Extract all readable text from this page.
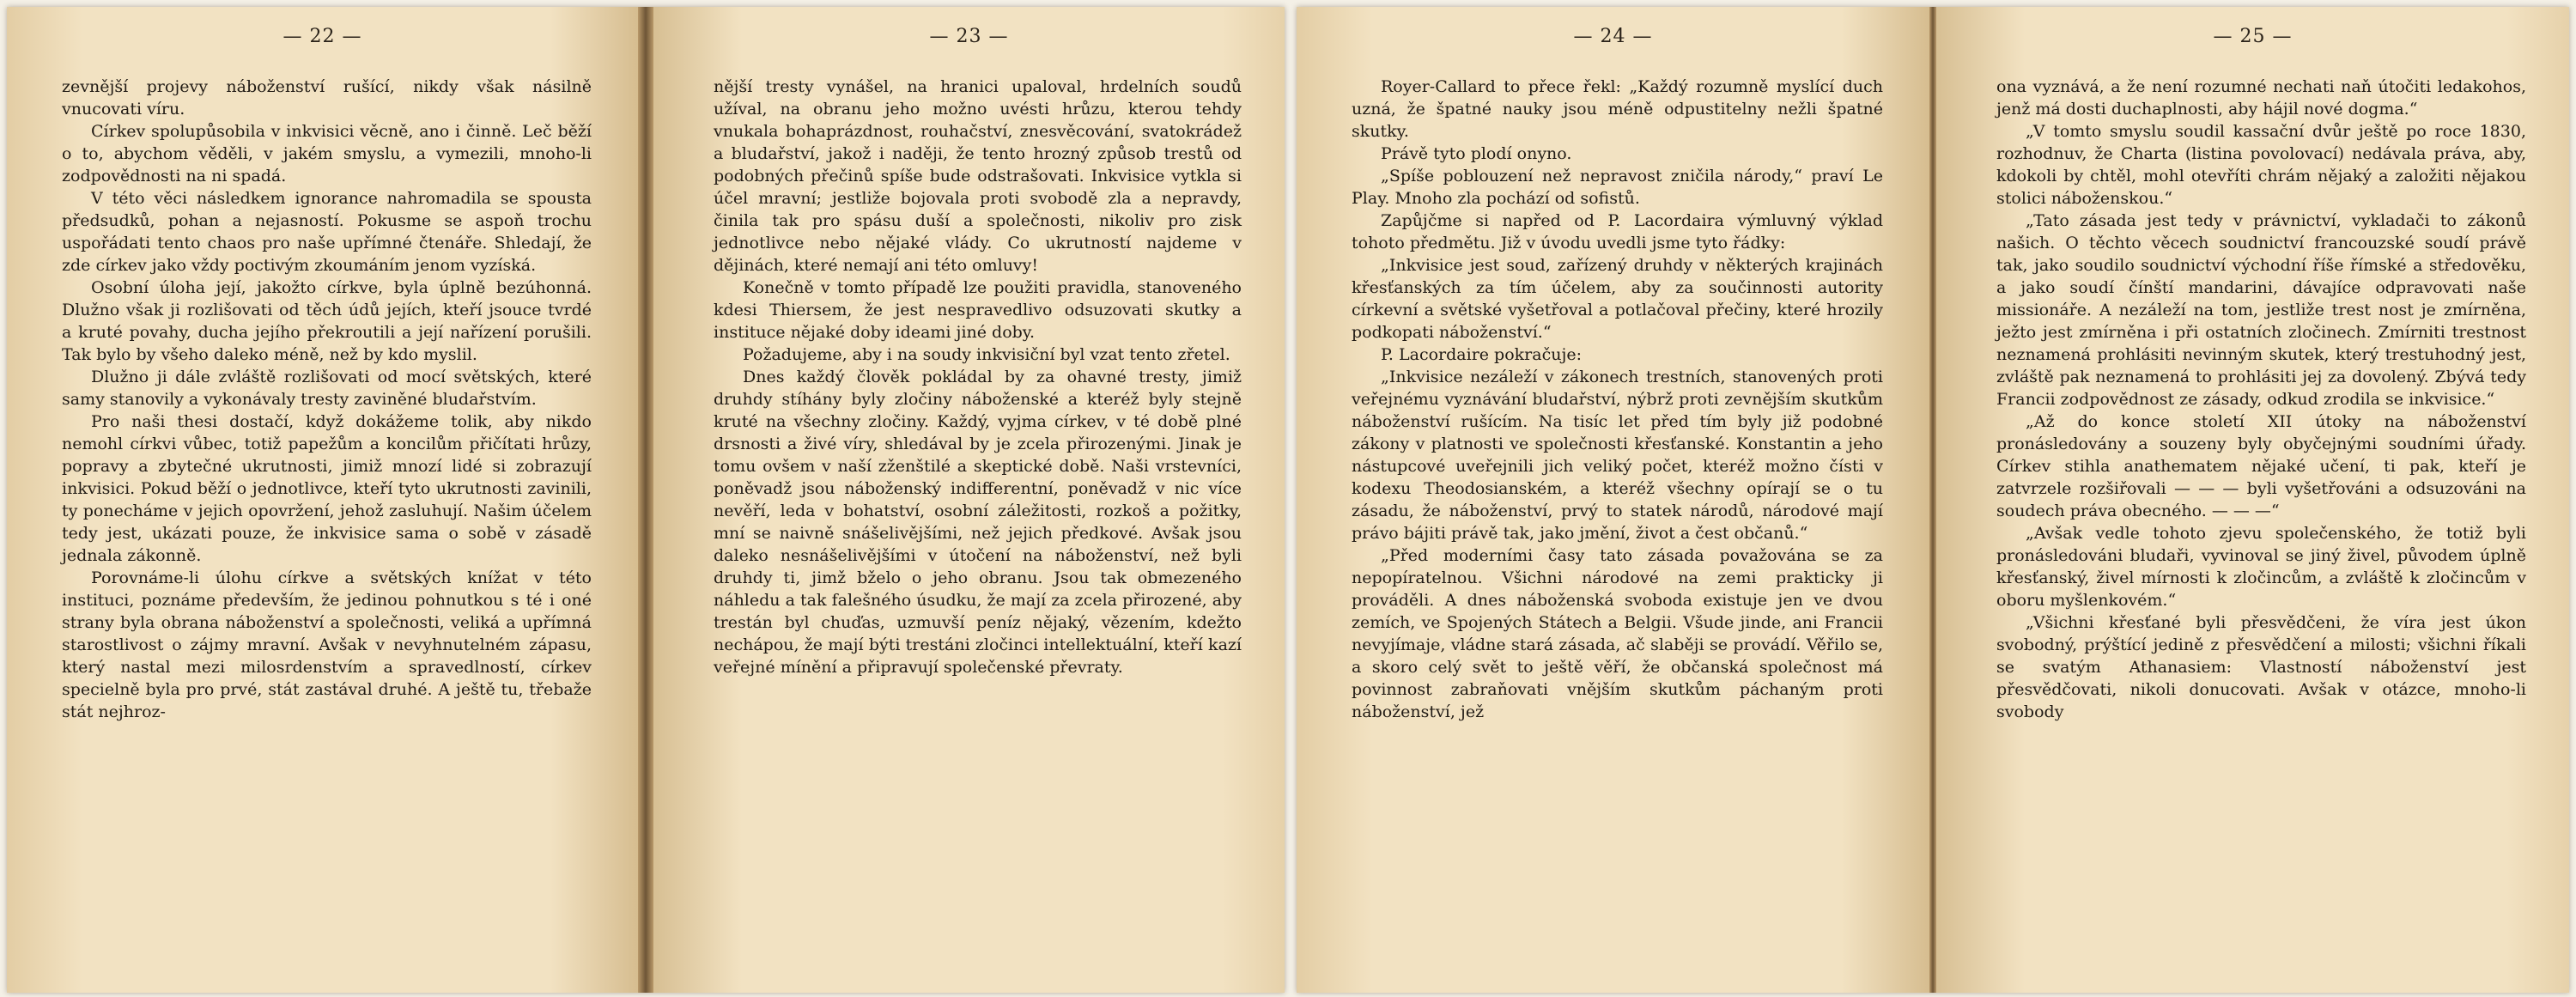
— 22 —

zevnější projevy náboženství rušící, nikdy však násilně vnucovati víru.

Církev spolupůsobila v inkvisici věcně, ano i činně. Leč běží o to, abychom věděli, v jakém smyslu, a vymezili, mnoho-li zodpovědnosti na ni spadá.

V této věci následkem ignorance nahromadila se spousta předsudků, pohan a nejasností. Pokusme se aspoň trochu uspořádati tento chaos pro naše upřímné čtenáře. Shledají, že zde církev jako vždy poctivým zkoumáním jenom vyzíská.

Osobní úloha její, jakožto církve, byla úplně bezúhonná. Dlužno však ji rozlišovati od těch údů jejích, kteří jsouce tvrdé a kruté povahy, ducha jejího překroutili a její nařízení porušili. Tak bylo by všeho daleko méně, než by kdo myslil.

Dlužno ji dále zvláště rozlišovati od mocí světských, které samy stanovily a vykonávaly tresty zaviněné bludařstvím.

Pro naši thesi dostačí, když dokážeme tolik, aby nikdo nemohl církvi vůbec, totiž papežům a koncilům přičítati hrůzy, popravy a zbytečné ukrutnosti, jimiž mnozí lidé si zobrazují inkvisici. Pokud běží o jednotlivce, kteří tyto ukrutnosti zavinili, ty ponecháme v jejich opovržení, jehož zasluhují. Našim účelem tedy jest, ukázati pouze, že inkvisice sama o sobě v zásadě jednala zákonně.

Porovnáme-li úlohu církve a světských knížat v této instituci, poznáme především, že jedinou pohnutkou s té i oné strany byla obrana náboženství a společnosti, veliká a upřímná starostlivost o zájmy mravní. Avšak v nevyhnutelném zápasu, který nastal mezi milosrdenstvím a spravedlností, církev specielně byla pro prvé, stát zastával druhé. A ještě tu, třebaže stát nejhroz-

— 23 —

nější tresty vynášel, na hranici upaloval, hrdelních soudů užíval, na obranu jeho možno uvésti hrůzu, kterou tehdy vnukala bohaprázdnost, rouhačství, znesvěcování, svatokrádež a bludařství, jakož i naději, že tento hrozný způsob trestů od podobných přečinů spíše bude odstrašovati. Inkvisice vytkla si účel mravní; jestliže bojovala proti svobodě zla a nepravdy, činila tak pro spásu duší a společnosti, nikoliv pro zisk jednotlivce nebo nějaké vlády. Co ukrutností najdeme v dějinách, které nemají ani této omluvy!

Konečně v tomto případě lze použiti pravidla, stanoveného kdesi Thiersem, že jest nespravedlivo odsuzovati skutky a instituce nějaké doby ideami jiné doby.

Požadujeme, aby i na soudy inkvisiční byl vzat tento zřetel.

Dnes každý člověk pokládal by za ohavné tresty, jimiž druhdy stíhány byly zločiny náboženské a kteréž byly stejně kruté na všechny zločiny. Každý, vyjma církev, v té době plné drsnosti a živé víry, shledával by je zcela přirozenými. Jinak je tomu ovšem v naší zženštilé a skeptické době. Naši vrstevníci, poněvadž jsou náboženský indifferentní, poněvadž v nic více nevěří, leda v bohatství, osobní záležitosti, rozkoš a požitky, mní se naivně snášelivějšími, než jejich předkové. Avšak jsou daleko nesnášelivějšími v útočení na náboženství, než byli druhdy ti, jimž bželo o jeho obranu. Jsou tak obmezeného náhledu a tak falešného úsudku, že mají za zcela přirozené, aby trestán byl chuďas, uzmuvší peníz nějaký, vězením, kdežto nechápou, že mají býti trestáni zločinci intellektuální, kteří kazí veřejné mínění a připravují společenské převraty.

— 24 —

Royer-Callard to přece řekl: „Každý rozumně myslící duch uzná, že špatné nauky jsou méně odpustitelny nežli špatné skutky.

Právě tyto plodí onyno.

„Spíše poblouzení než nepravost zničila národy,“ praví Le Play. Mnoho zla pochází od sofistů.

Zapůjčme si napřed od P. Lacordaira výmluvný výklad tohoto předmětu. Již v úvodu uvedli jsme tyto řádky:

„Inkvisice jest soud, zařízený druhdy v některých krajinách křesťanských za tím účelem, aby za součinnosti autority církevní a světské vyšetřoval a potlačoval přečiny, které hrozily podkopati náboženství.“

P. Lacordaire pokračuje:

„Inkvisice nezáleží v zákonech trestních, stanovených proti veřejnému vyznávání bludařství, nýbrž proti zevnějším skutkům náboženství rušícím. Na tisíc let před tím byly již podobné zákony v platnosti ve společnosti křesťanské. Konstantin a jeho nástupcové uveřejnili jich veliký počet, kteréž možno čísti v kodexu Theodosianském, a kteréž všechny opírají se o tu zásadu, že náboženství, prvý to statek národů, národové mají právo bájiti právě tak, jako jmění, život a čest občanů.“

„Před moderními časy tato zásada považována se za nepopíratelnou. Všichni národové na zemi prakticky ji prováděli. A dnes náboženská svoboda existuje jen ve dvou zemích, ve Spojených Státech a Belgii. Všude jinde, ani Francii nevyjímaje, vládne stará zásada, ač slaběji se provádí. Věřilo se, a skoro celý svět to ještě věří, že občanská společnost má povinnost zabraňovati vnějším skutkům páchaným proti náboženství, jež

— 25 —

ona vyznává, a že není rozumné nechati naň útočiti ledakohos, jenž má dosti duchaplnosti, aby hájil nové dogma.“

„V tomto smyslu soudil kassační dvůr ještě po roce 1830, rozhodnuv, že Charta (listina povolovací) nedávala práva, aby, kdokoli by chtěl, mohl otevříti chrám nějaký a založiti nějakou stolici náboženskou.“

„Tato zásada jest tedy v právnictví, vykladači to zákonů našich. O těchto věcech soudnictví francouzské soudí právě tak, jako soudilo soudnictví východní říše římské a středověku, a jako soudí čínští mandarini, dávajíce odpravovati naše missionáře. A nezáleží na tom, jestliže trest nost je zmírněna, ježto jest zmírněna i při ostatních zločinech. Zmírniti trestnost neznamená prohlásiti nevinným skutek, který trestuhodný jest, zvláště pak neznamená to prohlásiti jej za dovolený. Zbývá tedy Francii zodpovědnost ze zásady, odkud zrodila se inkvisice.“

„Až do konce století XII útoky na náboženství pronásledovány a souzeny byly obyčejnými soudními úřady. Církev stihla anathematem nějaké učení, ti pak, kteří je zatvrzele rozšiřovali — — — byli vyšetřováni a odsuzováni na soudech práva obecného. — — —“

„Avšak vedle tohoto zjevu společenského, že totiž byli pronásledováni bludaři, vyvinoval se jiný živel, původem úplně křesťanský, živel mírnosti k zločincům, a zvláště k zločincům v oboru myšlenkovém.“

„Všichni křesťané byli přesvědčeni, že víra jest úkon svobodný, prýštící jedině z přesvědčení a milosti; všichni říkali se svatým Athanasiem: Vlastností náboženství jest přesvědčovati, nikoli donucovati. Avšak v otázce, mnoho-li svobody
